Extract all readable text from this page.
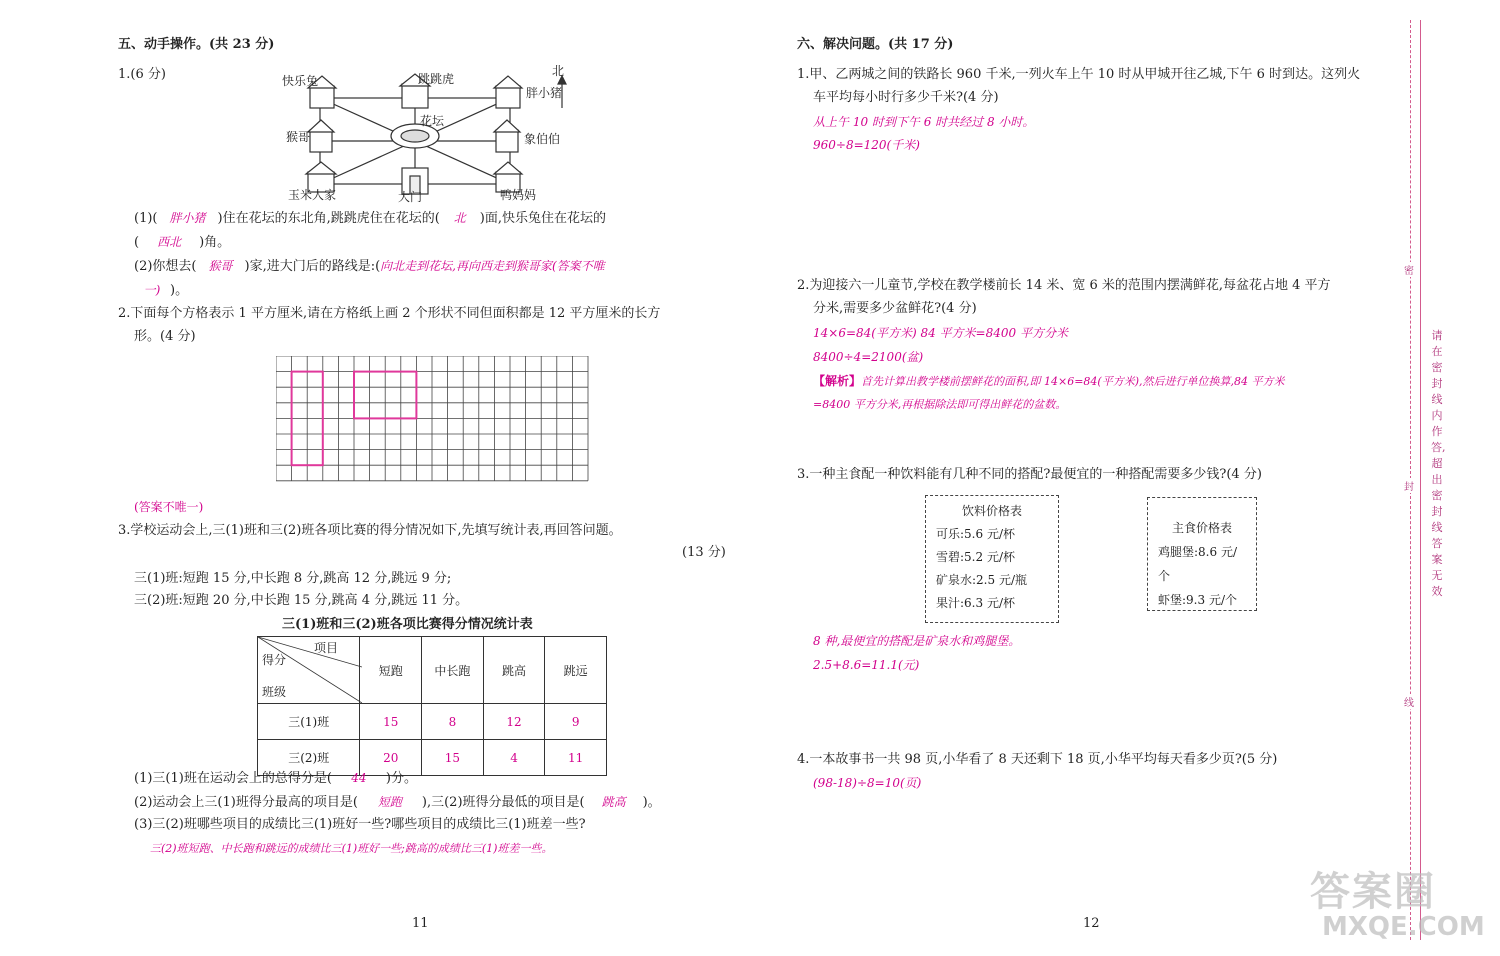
五、动手操作。(共 23 分)
1.(6 分)	快乐兔	跳跳虎
胖小猪
北
猴哥
花坛
象伯伯
玉米人家	大门	鸭妈妈
(1)( 胖小猪 )住在花坛的东北角,跳跳虎住在花坛的( 北 )面,快乐兔住在花坛的
( 西北 )角。
(2)你想去( 猴哥 )家,进大门后的路线是:(向北走到花坛,再向西走到猴哥家(答案不唯
一) )。
2.下面每个方格表示 1 平方厘米,请在方格纸上画 2 个形状不同但面积都是 12 平方厘米的长方
形。(4 分)
(答案不唯一)
3.学校运动会上,三(1)班和三(2)班各项比赛的得分情况如下,先填写统计表,再回答问题。
(13 分)
三(1)班:短跑 15 分,中长跑 8 分,跳高 12 分,跳远 9 分;
三(2)班:短跑 20 分,中长跑 15 分,跳高 4 分,跳远 11 分。
三(1)班和三(2)班各项比赛得分情况统计表
得分
项目
班级	短跑	中长跑	跳高	跳远
三(1)班	15	8	12	9
三(2)班	20	15	4	11
(1)三(1)班在运动会上的总得分是( 44 )分。
(2)运动会上三(1)班得分最高的项目是( 短跑 ),三(2)班得分最低的项目是( 跳高 )。
(3)三(2)班哪些项目的成绩比三(1)班好一些?哪些项目的成绩比三(1)班差一些?
三(2)班短跑、中长跑和跳远的成绩比三(1)班好一些;跳高的成绩比三(1)班差一些。
11
六、解决问题。(共 17 分)
1.甲、乙两城之间的铁路长 960 千米,一列火车上午 10 时从甲城开往乙城,下午 6 时到达。这列火
车平均每小时行多少千米?(4 分)
从上午 10 时到下午 6 时共经过 8 小时。
960÷8=120(千米)
2.为迎接六一儿童节,学校在教学楼前长 14 米、宽 6 米的范围内摆满鲜花,每盆花占地 4 平方
分米,需要多少盆鲜花?(4 分)
14×6=84(平方米) 84 平方米=8400 平方分米
8400÷4=2100(盆)
【解析】首先计算出教学楼前摆鲜花的面积,即 14×6=84(平方米),然后进行单位换算,84 平方米
=8400 平方分米,再根据除法即可得出鲜花的盆数。
3.一种主食配一种饮料能有几种不同的搭配?最便宜的一种搭配需要多少钱?(4 分)
饮料价格表
可乐:5.6 元/杯
雪碧:5.2 元/杯
矿泉水:2.5 元/瓶
果汁:6.3 元/杯
主食价格表
鸡腿堡:8.6 元/个
虾堡:9.3 元/个
8 种,最便宜的搭配是矿泉水和鸡腿堡。
2.5+8.6=11.1(元)
4.一本故事书一共 98 页,小华看了 8 天还剩下 18 页,小华平均每天看多少页?(5 分)
(98-18)÷8=10(页)
12
密
封
线
请在密封线内作答,超出密封线答案无效
答案圈
MXQE.COM
